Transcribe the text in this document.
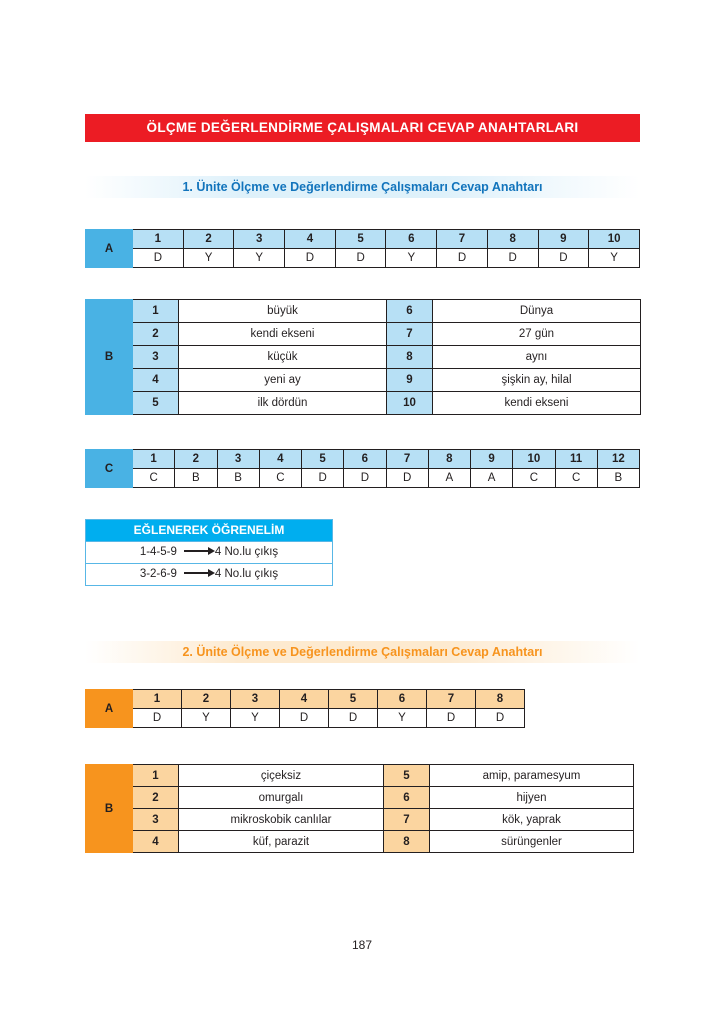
ÖLÇME DEĞERLENDİRME ÇALIŞMALARI CEVAP ANAHTARLARI
1. Ünite Ölçme ve Değerlendirme Çalışmaları Cevap Anahtarı
A	1	2	3	4	5	6	7	8	9	10
	D	Y	Y	D	D	Y	D	D	D	Y
B	1	büyük	6	Dünya
	2	kendi ekseni	7	27 gün
	3	küçük	8	aynı
	4	yeni ay	9	şişkin ay, hilal
	5	ilk dördün	10	kendi ekseni
C	1	2	3	4	5	6	7	8	9	10	11	12
	C	B	B	C	D	D	D	A	A	C	C	B
EĞLENEREK ÖĞRENELİM
1-4-5-9	4 No.lu çıkış
3-2-6-9	4 No.lu çıkış
2. Ünite Ölçme ve Değerlendirme Çalışmaları Cevap Anahtarı
A	1	2	3	4	5	6	7	8
	D	Y	Y	D	D	Y	D	D
B	1	çiçeksiz	5	amip, paramesyum
	2	omurgalı	6	hijyen
	3	mikroskobik canlılar	7	kök, yaprak
	4	küf, parazit	8	sürüngenler
187
